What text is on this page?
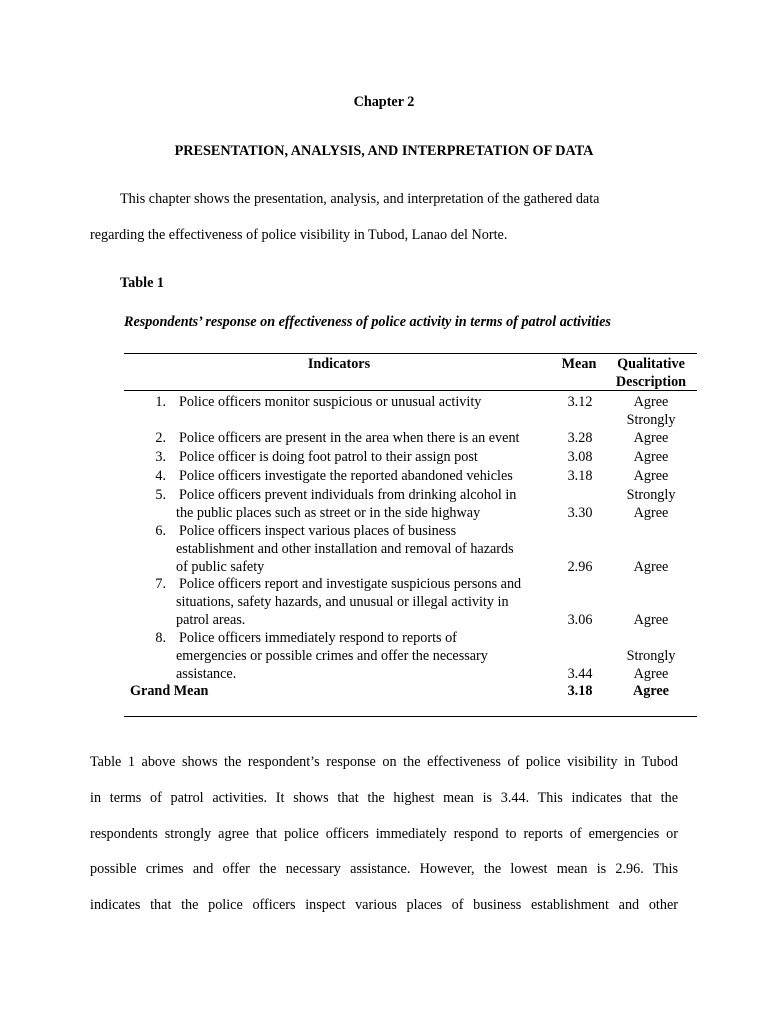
Chapter 2
PRESENTATION, ANALYSIS, AND INTERPRETATION OF DATA
This chapter shows the presentation, analysis, and interpretation of the gathered data
regarding the effectiveness of police visibility in Tubod, Lanao del Norte.
Table 1
Respondents’ response on effectiveness of police activity in terms of patrol activities
Indicators	Mean	Qualitative
Description
1. Police officers monitor suspicious or unusual activity	3.12	Agree
Strongly
2. Police officers are present in the area when there is an event	3.28	Agree
3. Police officer is doing foot patrol to their assign post	3.08	Agree
4. Police officers investigate the reported abandoned vehicles	3.18	Agree
5. Police officers prevent individuals from drinking alcohol in	Strongly
the public places such as street or in the side highway	3.30	Agree
6. Police officers inspect various places of business
establishment and other installation and removal of hazards
of public safety	2.96	Agree
7. Police officers report and investigate suspicious persons and
situations, safety hazards, and unusual or illegal activity in
patrol areas.	3.06	Agree
8. Police officers immediately respond to reports of
emergencies or possible crimes and offer the necessary	Strongly
assistance.	3.44	Agree
Grand Mean	3.18	Agree
Table 1 above shows the respondent’s response on the effectiveness of police visibility in Tubod
in terms of patrol activities. It shows that the highest mean is 3.44. This indicates that the
respondents strongly agree that police officers immediately respond to reports of emergencies or
possible crimes and offer the necessary assistance. However, the lowest mean is 2.96. This
indicates that the police officers inspect various places of business establishment and other
